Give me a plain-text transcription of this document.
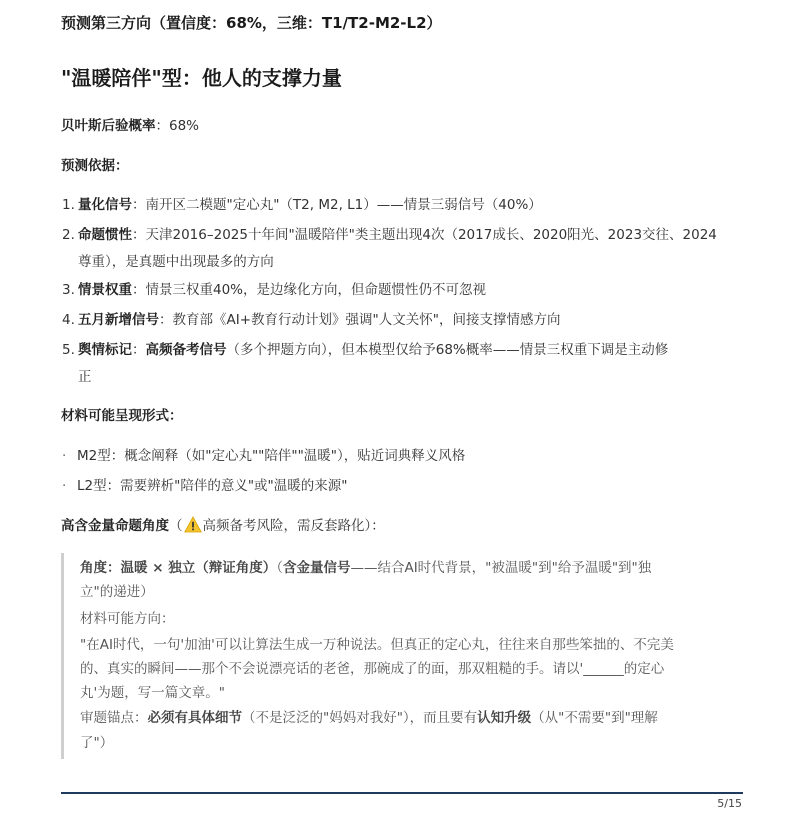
预测第三方向（置信度：68%，三维：T1/T2-M2-L2）
"温暖陪伴"型：他人的支撑力量
贝叶斯后验概率：68%
预测依据：
1. 量化信号：南开区二模题"定心丸"（T2, M2, L1）——情景三弱信号（40%）
2. 命题惯性：天津2016–2025十年间"温暖陪伴"类主题出现4次（2017成长、2020阳光、2023交往、2024
尊重），是真题中出现最多的方向
3. 情景权重：情景三权重40%，是边缘化方向，但命题惯性仍不可忽视
4. 五月新增信号：教育部《AI+教育行动计划》强调"人文关怀"，间接支撑情感方向
5. 舆情标记：高频备考信号（多个押题方向），但本模型仅给予68%概率——情景三权重下调是主动修
正
材料可能呈现形式：
· M2型：概念阐释（如"定心丸""陪伴""温暖"），贴近词典释义风格
· L2型：需要辨析"陪伴的意义"或"温暖的来源"
高含金量命题角度（ 高频备考风险，需反套路化）：
角度：温暖 × 独立（辩证角度）（含金量信号——结合AI时代背景，"被温暖"到"给予温暖"到"独
立"的递进）
材料可能方向：
"在AI时代，一句'加油'可以让算法生成一万种说法。但真正的定心丸，往往来自那些笨拙的、不完美
的、真实的瞬间——那个不会说漂亮话的老爸，那碗成了的面，那双粗糙的手。请以'______的定心
丸'为题，写一篇文章。"
审题锚点：必须有具体细节（不是泛泛的"妈妈对我好"），而且要有认知升级（从"不需要"到"理解
了"）
5/15
